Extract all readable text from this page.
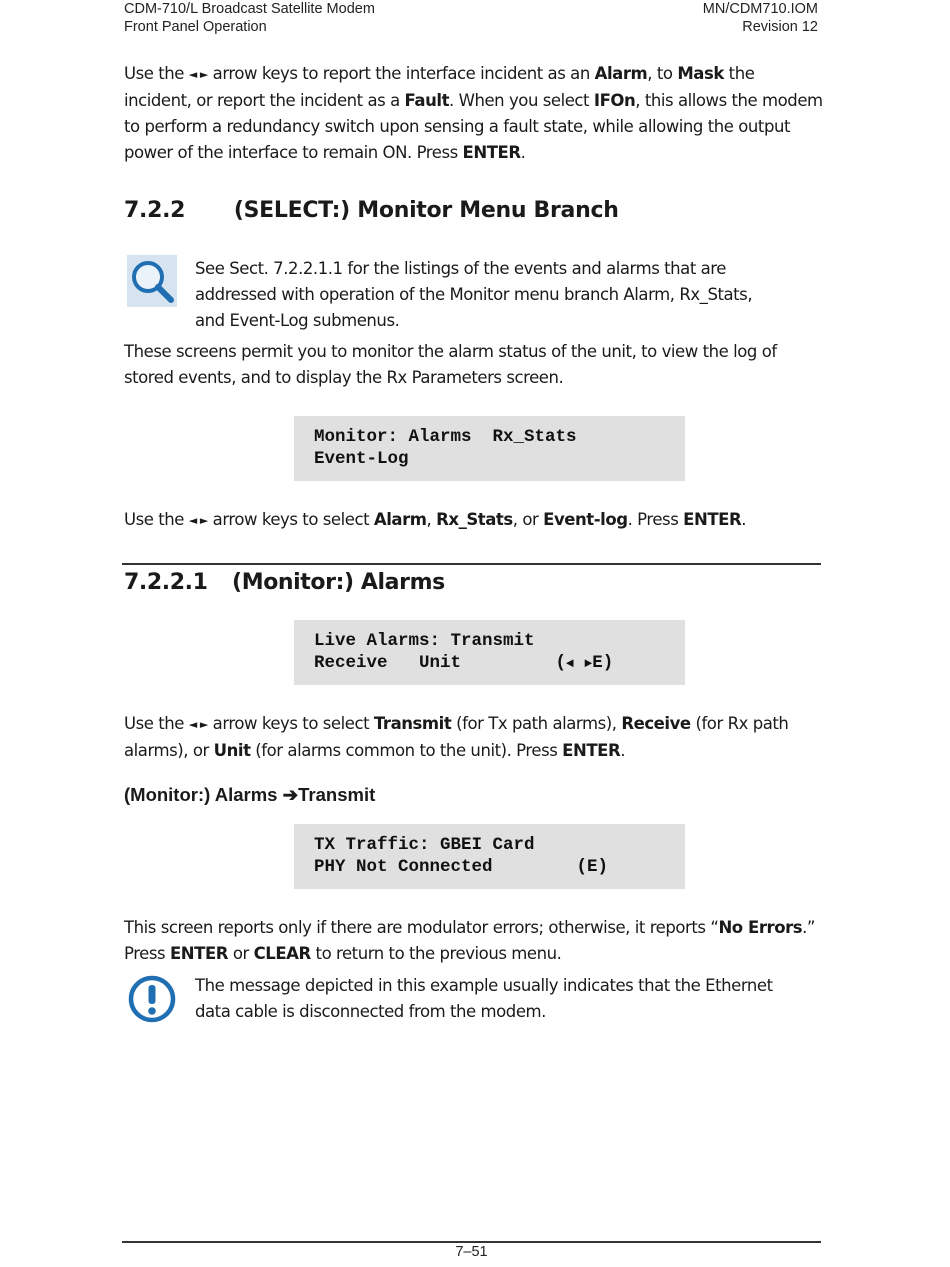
CDM-710/L Broadcast Satellite Modem
Front Panel Operation
MN/CDM710.IOM
Revision 12
Use the ◄ ► arrow keys to report the interface incident as an Alarm, to Mask the incident, or report the incident as a Fault. When you select IFOn, this allows the modem to perform a redundancy switch upon sensing a fault state, while allowing the output power of the interface to remain ON. Press ENTER.
7.2.2 (SELECT:) Monitor Menu Branch
See Sect. 7.2.2.1.1 for the listings of the events and alarms that are addressed with operation of the Monitor menu branch Alarm, Rx_Stats, and Event-Log submenus.
These screens permit you to monitor the alarm status of the unit, to view the log of stored events, and to display the Rx Parameters screen.
Monitor: Alarms  Rx_Stats
Event-Log
Use the ◄ ► arrow keys to select Alarm, Rx_Stats, or Event-log. Press ENTER.
7.2.2.1 (Monitor:) Alarms
Live Alarms: Transmit
Receive   Unit         (◄ ►E)
Use the ◄ ► arrow keys to select Transmit (for Tx path alarms), Receive (for Rx path alarms), or Unit (for alarms common to the unit). Press ENTER.
(Monitor:) Alarms ➔Transmit
TX Traffic: GBEI Card
PHY Not Connected        (E)
This screen reports only if there are modulator errors; otherwise, it reports “No Errors.” Press ENTER or CLEAR to return to the previous menu.
The message depicted in this example usually indicates that the Ethernet data cable is disconnected from the modem.
7–51
